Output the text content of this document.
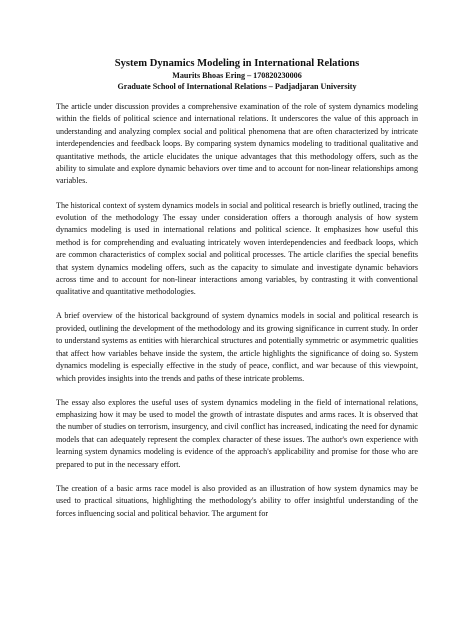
System Dynamics Modeling in International Relations

Maurits Bhoas Ering – 170820230006

Graduate School of International Relations – Padjadjaran University

The article under discussion provides a comprehensive examination of the role of system dynamics modeling within the fields of political science and international relations. It underscores the value of this approach in understanding and analyzing complex social and political phenomena that are often characterized by intricate interdependencies and feedback loops. By comparing system dynamics modeling to traditional qualitative and quantitative methods, the article elucidates the unique advantages that this methodology offers, such as the ability to simulate and explore dynamic behaviors over time and to account for non-linear relationships among variables.

The historical context of system dynamics models in social and political research is briefly outlined, tracing the evolution of the methodology The essay under consideration offers a thorough analysis of how system dynamics modeling is used in international relations and political science. It emphasizes how useful this method is for comprehending and evaluating intricately woven interdependencies and feedback loops, which are common characteristics of complex social and political processes. The article clarifies the special benefits that system dynamics modeling offers, such as the capacity to simulate and investigate dynamic behaviors across time and to account for non-linear interactions among variables, by contrasting it with conventional qualitative and quantitative methodologies.

A brief overview of the historical background of system dynamics models in social and political research is provided, outlining the development of the methodology and its growing significance in current study. In order to understand systems as entities with hierarchical structures and potentially symmetric or asymmetric qualities that affect how variables behave inside the system, the article highlights the significance of doing so. System dynamics modeling is especially effective in the study of peace, conflict, and war because of this viewpoint, which provides insights into the trends and paths of these intricate problems.

The essay also explores the useful uses of system dynamics modeling in the field of international relations, emphasizing how it may be used to model the growth of intrastate disputes and arms races. It is observed that the number of studies on terrorism, insurgency, and civil conflict has increased, indicating the need for dynamic models that can adequately represent the complex character of these issues. The author's own experience with learning system dynamics modeling is evidence of the approach's applicability and promise for those who are prepared to put in the necessary effort.

The creation of a basic arms race model is also provided as an illustration of how system dynamics may be used to practical situations, highlighting the methodology's ability to offer insightful understanding of the forces influencing social and political behavior. The argument for
